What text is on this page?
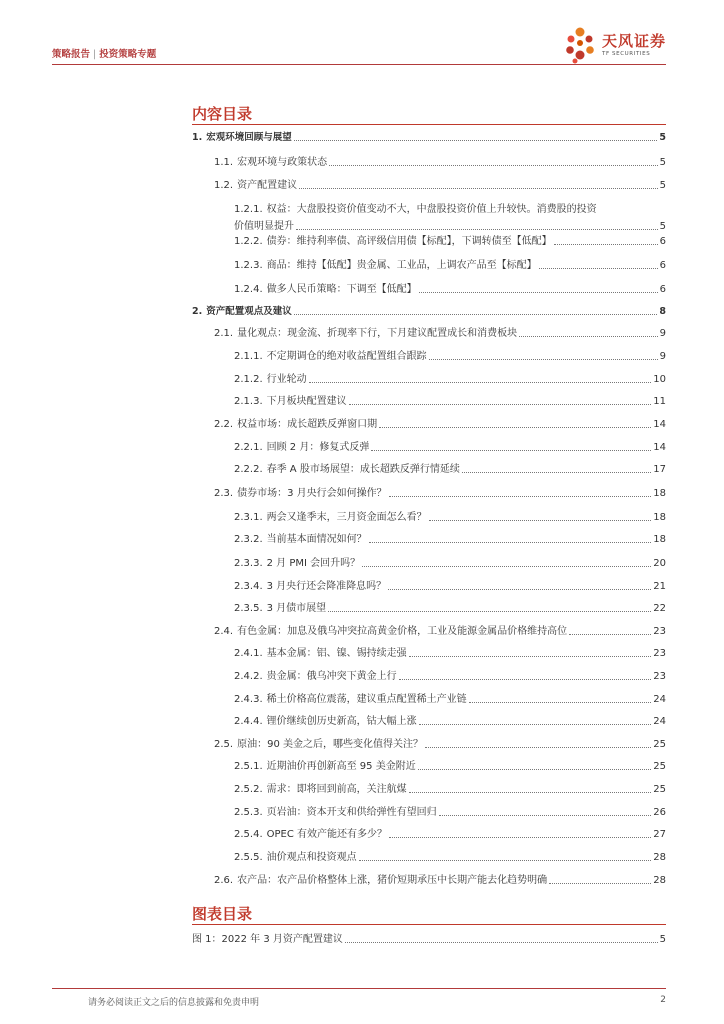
策略报告 | 投资策略专题
天风证券
TF SECURITIES
内容目录
1. 宏观环境回顾与展望	5
1.1. 宏观环境与政策状态	5
1.2. 资产配置建议	5
1.2.1. 权益：大盘股投资价值变动不大，中盘股投资价值上升较快。消费股的投资
价值明显提升	5
1.2.2. 债券：维持利率债、高评级信用债【标配】，下调转债至【低配】	6
1.2.3. 商品：维持【低配】贵金属、工业品，上调农产品至【标配】	6
1.2.4. 做多人民币策略：下调至【低配】	6
2. 资产配置观点及建议	8
2.1. 量化观点：现金流、折现率下行，下月建议配置成长和消费板块	9
2.1.1. 不定期调仓的绝对收益配置组合跟踪	9
2.1.2. 行业轮动	10
2.1.3. 下月板块配置建议	11
2.2. 权益市场：成长超跌反弹窗口期	14
2.2.1. 回顾 2 月：修复式反弹	14
2.2.2. 春季 A 股市场展望：成长超跌反弹行情延续	17
2.3. 债券市场：3 月央行会如何操作？	18
2.3.1. 两会又逢季末，三月资金面怎么看？	18
2.3.2. 当前基本面情况如何？	18
2.3.3. 2 月 PMI 会回升吗？	20
2.3.4. 3 月央行还会降准降息吗？	21
2.3.5. 3 月债市展望	22
2.4. 有色金属：加息及俄乌冲突拉高黄金价格，工业及能源金属品价格维持高位	23
2.4.1. 基本金属：铝、镍、锡持续走强	23
2.4.2. 贵金属：俄乌冲突下黄金上行	23
2.4.3. 稀土价格高位震荡，建议重点配置稀土产业链	24
2.4.4. 锂价继续创历史新高，钴大幅上涨	24
2.5. 原油：90 美金之后，哪些变化值得关注？	25
2.5.1. 近期油价再创新高至 95 美金附近	25
2.5.2. 需求：即将回到前高，关注航煤	25
2.5.3. 页岩油：资本开支和供给弹性有望回归	26
2.5.4. OPEC 有效产能还有多少？	27
2.5.5. 油价观点和投资观点	28
2.6. 农产品：农产品价格整体上涨，猪价短期承压中长期产能去化趋势明确	28
图表目录
图 1：2022 年 3 月资产配置建议	5
请务必阅读正文之后的信息披露和免责申明	2
